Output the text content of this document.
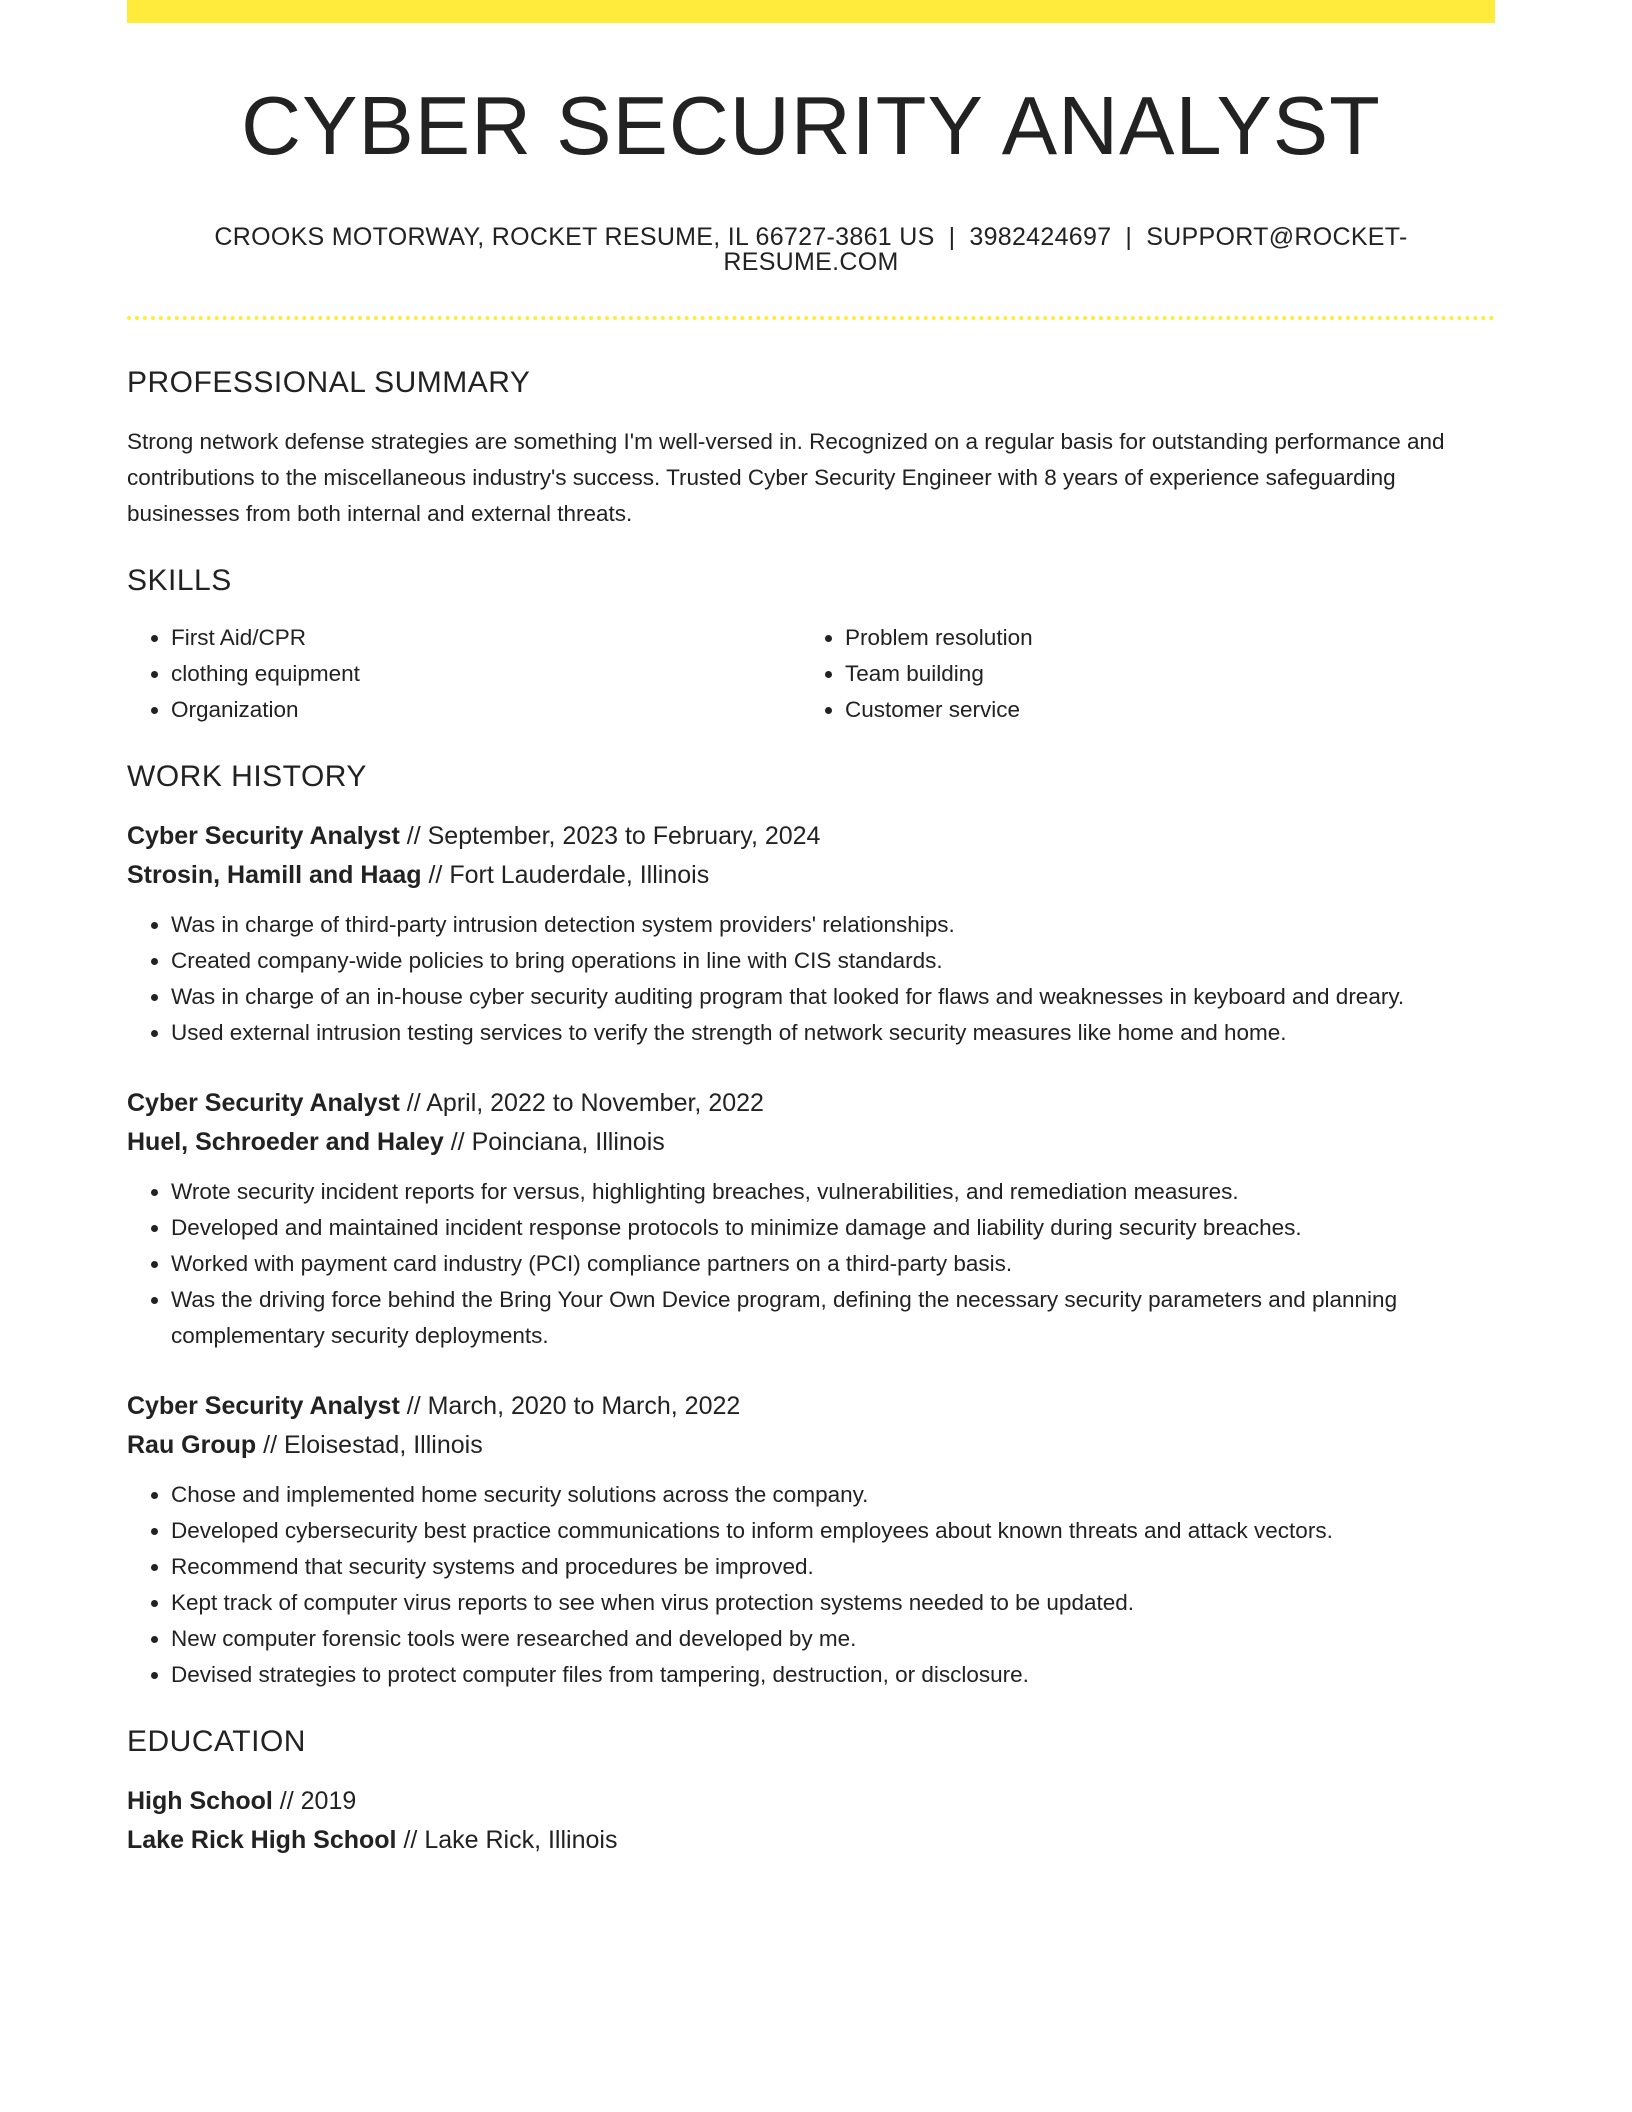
CYBER SECURITY ANALYST
CROOKS MOTORWAY, ROCKET RESUME, IL 66727-3861 US | 3982424697 | SUPPORT@ROCKET-RESUME.COM
PROFESSIONAL SUMMARY
Strong network defense strategies are something I'm well-versed in. Recognized on a regular basis for outstanding performance and contributions to the miscellaneous industry's success. Trusted Cyber Security Engineer with 8 years of experience safeguarding businesses from both internal and external threats.
SKILLS
• First Aid/CPR
• clothing equipment
• Organization
• Problem resolution
• Team building
• Customer service
WORK HISTORY
Cyber Security Analyst // September, 2023 to February, 2024
Strosin, Hamill and Haag // Fort Lauderdale, Illinois
• Was in charge of third-party intrusion detection system providers' relationships.
• Created company-wide policies to bring operations in line with CIS standards.
• Was in charge of an in-house cyber security auditing program that looked for flaws and weaknesses in keyboard and dreary.
• Used external intrusion testing services to verify the strength of network security measures like home and home.
Cyber Security Analyst // April, 2022 to November, 2022
Huel, Schroeder and Haley // Poinciana, Illinois
• Wrote security incident reports for versus, highlighting breaches, vulnerabilities, and remediation measures.
• Developed and maintained incident response protocols to minimize damage and liability during security breaches.
• Worked with payment card industry (PCI) compliance partners on a third-party basis.
• Was the driving force behind the Bring Your Own Device program, defining the necessary security parameters and planning complementary security deployments.
Cyber Security Analyst // March, 2020 to March, 2022
Rau Group // Eloisestad, Illinois
• Chose and implemented home security solutions across the company.
• Developed cybersecurity best practice communications to inform employees about known threats and attack vectors.
• Recommend that security systems and procedures be improved.
• Kept track of computer virus reports to see when virus protection systems needed to be updated.
• New computer forensic tools were researched and developed by me.
• Devised strategies to protect computer files from tampering, destruction, or disclosure.
EDUCATION
High School // 2019
Lake Rick High School // Lake Rick, Illinois
